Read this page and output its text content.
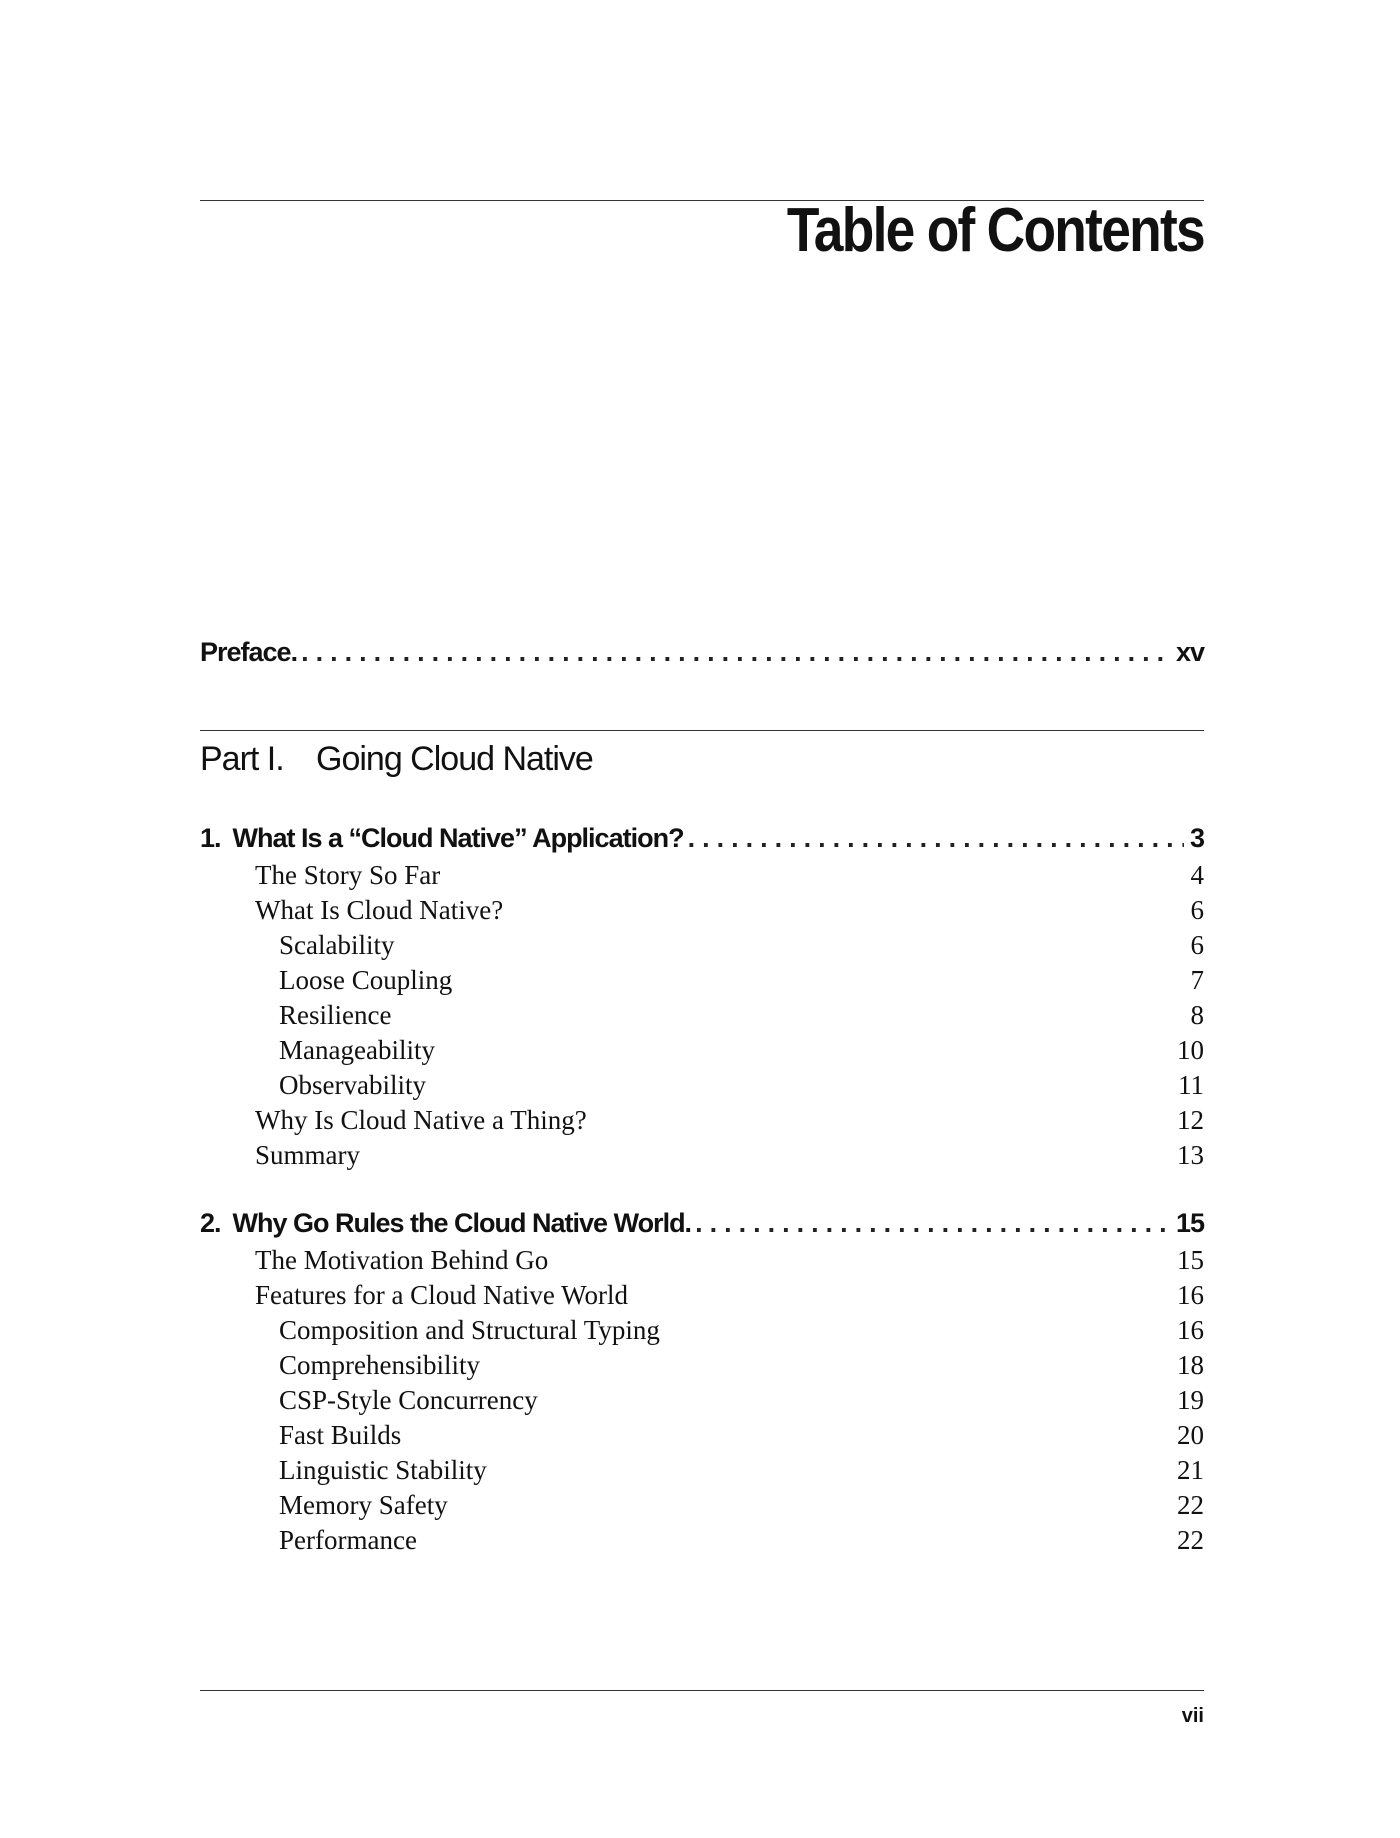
Table of Contents
Preface. .....	xv
Part I. Going Cloud Native
1. What Is a “Cloud Native” Application? .....	3
The Story So Far	4
What Is Cloud Native?	6
Scalability	6
Loose Coupling	7
Resilience	8
Manageability	10
Observability	11
Why Is Cloud Native a Thing?	12
Summary	13
2. Why Go Rules the Cloud Native World. .....	15
The Motivation Behind Go	15
Features for a Cloud Native World	16
Composition and Structural Typing	16
Comprehensibility	18
CSP-Style Concurrency	19
Fast Builds	20
Linguistic Stability	21
Memory Safety	22
Performance	22
vii
